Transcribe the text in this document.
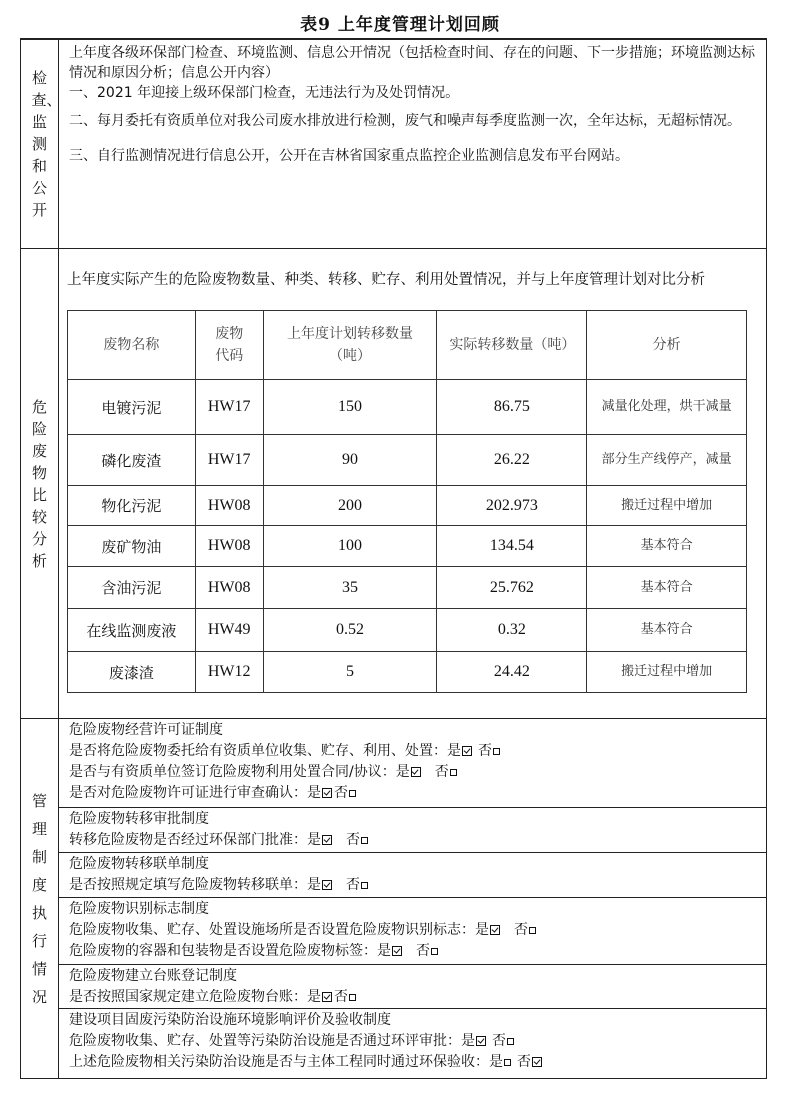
表9 上年度管理计划回顾
检查、监测和公开

上年度各级环保部门检查、环境监测、信息公开情况（包括检查时间、存在的问题、下一步措施；环境监测达标情况和原因分析；信息公开内容）

一、2021 年迎接上级环保部门检查，无违法行为及处罚情况。

二、每月委托有资质单位对我公司废水排放进行检测，废气和噪声每季度监测一次，全年达标，无超标情况。

三、自行监测情况进行信息公开，公开在吉林省国家重点监控企业监测信息发布平台网站。

危险废物比较分析
上年度实际产生的危险废物数量、种类、转移、贮存、利用处置情况，并与上年度管理计划对比分析
废物名称	废物代码	上年度计划转移数量（吨）	实际转移数量（吨）	分析
电镀污泥	HW17	150	86.75	减量化处理，烘干减量
磷化废渣	HW17	90	26.22	部分生产线停产，减量
物化污泥	HW08	200	202.973	搬迁过程中增加
废矿物油	HW08	100	134.54	基本符合
含油污泥	HW08	35	25.762	基本符合
在线监测废液	HW49	0.52	0.32	基本符合
废漆渣	HW12	5	24.42	搬迁过程中增加
管理制度执行情况
危险废物经营许可证制度
是否将危险废物委托给有资质单位收集、贮存、利用、处置：是 否
是否与有资质单位签订危险废物利用处置合同/协议：是 否
是否对危险废物许可证进行审查确认：是 否
危险废物转移审批制度
转移危险废物是否经过环保部门批准：是 否
危险废物转移联单制度
是否按照规定填写危险废物转移联单：是 否
危险废物识别标志制度
危险废物收集、贮存、处置设施场所是否设置危险废物识别标志：是 否
危险废物的容器和包装物是否设置危险废物标签：是 否
危险废物建立台账登记制度
是否按照国家规定建立危险废物台账：是 否
建设项目固废污染防治设施环境影响评价及验收制度
危险废物收集、贮存、处置等污染防治设施是否通过环评审批：是 否
上述危险废物相关污染防治设施是否与主体工程同时通过环保验收：是 否
